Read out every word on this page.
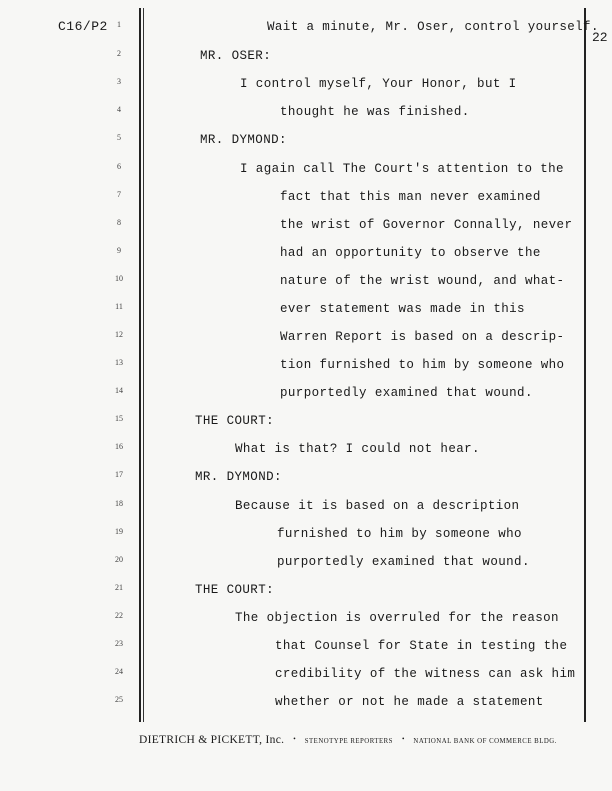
C16/P2
22
1	Wait a minute, Mr. Oser, control yourself.
2	MR. OSER:
3	I control myself, Your Honor, but I
4	thought he was finished.
5	MR. DYMOND:
6	I again call The Court's attention to the
7	fact that this man never examined
8	the wrist of Governor Connally, never
9	had an opportunity to observe the
10	nature of the wrist wound, and what-
11	ever statement was made in this
12	Warren Report is based on a descrip-
13	tion furnished to him by someone who
14	purportedly examined that wound.
15	THE COURT:
16	What is that? I could not hear.
17	MR. DYMOND:
18	Because it is based on a description
19	furnished to him by someone who
20	purportedly examined that wound.
21	THE COURT:
22	The objection is overruled for the reason
23	that Counsel for State in testing the
24	credibility of the witness can ask him
25	whether or not he made a statement
DIETRICH & PICKETT, Inc. • STENOTYPE REPORTERS • NATIONAL BANK OF COMMERCE BLDG.
